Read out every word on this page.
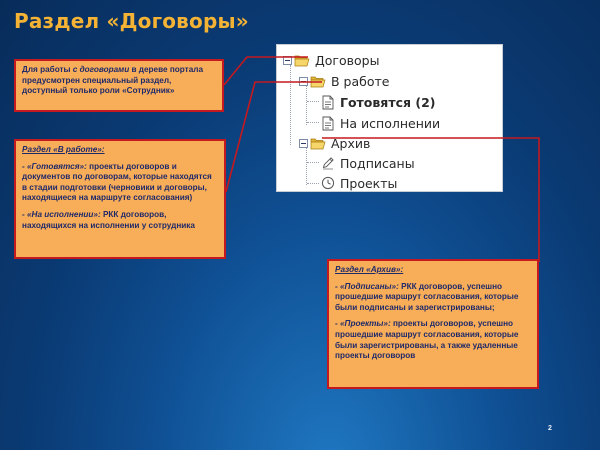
Раздел «Договоры»

Для работы с договорами в дереве портала предусмотрен специальный раздел, доступный только роли «Сотрудник»

Раздел «В работе»:

- «Готовятся»: проекты договоров и документов по договорам, которые находятся в стадии подготовки (черновики и договоры, находящиеся на маршруте согласования)

- «На исполнении»: РКК договоров, находящихся на исполнении у сотрудника

Раздел «Архив»:

- «Подписаны»: РКК договоров, успешно прошедшие маршрут согласования, которые были подписаны и зарегистрированы;

- «Проекты»: проекты договоров, успешно прошедшие маршрут согласования, которые были зарегистрированы, а также удаленные проекты договоров

Договоры
В работе
Готовятся (2)
На исполнении
Архив
Подписаны
Проекты
2
